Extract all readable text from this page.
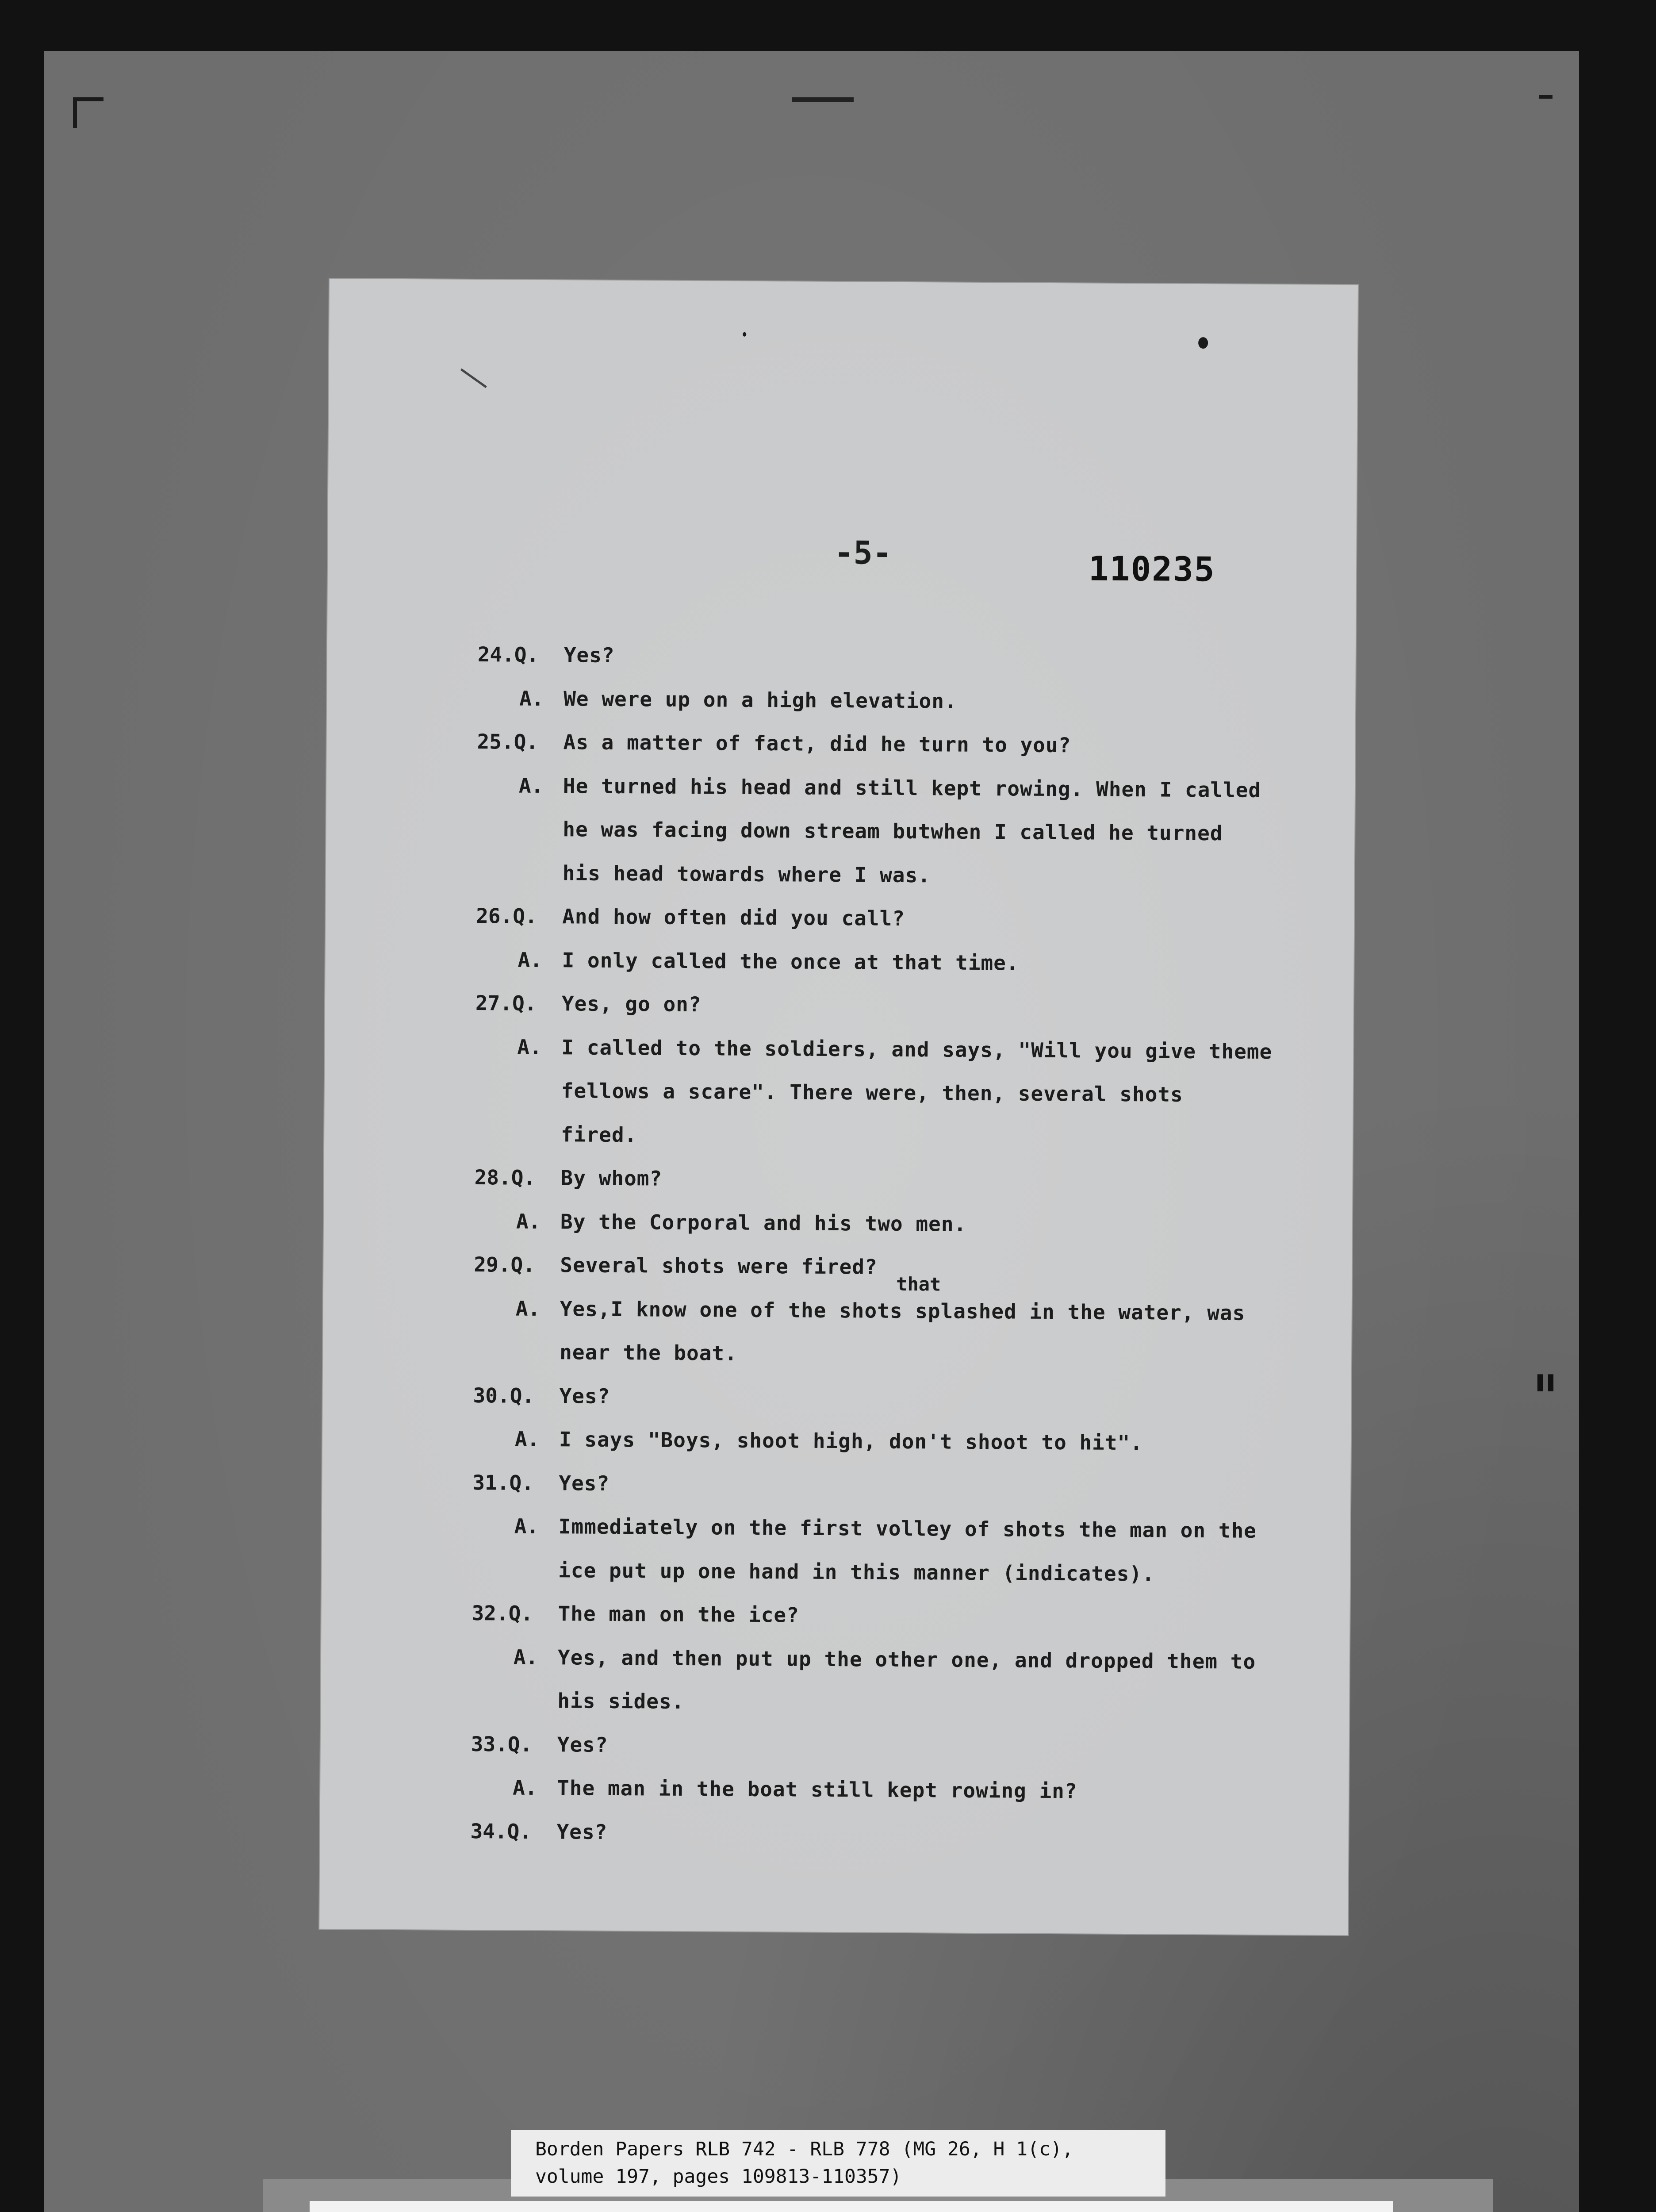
ıı
-5-	110235
24.Q. Yes?
A. We were up on a high elevation.
25.Q. As a matter of fact, did he turn to you?
A. He turned his head and still kept rowing. When I called
he was facing down stream butwhen I called he turned
his head towards where I was.
26.Q. And how often did you call?
A. I only called the once at that time.
27.Q. Yes, go on?
A. I called to the soldiers, and says, "Will you give theme
fellows a scare". There were, then, several shots
fired.
28.Q. By whom?
A. By the Corporal and his two men.
29.Q. Several shots were fired?
A. Yes,I know one of the shots splashed in the water, was
near the boat.
30.Q. Yes?
A. I says "Boys, shoot high, don't shoot to hit".
31.Q. Yes?
A. Immediately on the first volley of shots the man on the
ice put up one hand in this manner (indicates).
32.Q. The man on the ice?
A. Yes, and then put up the other one, and dropped them to
his sides.
33.Q. Yes?
A. The man in the boat still kept rowing in?
34.Q. Yes?
that
Borden Papers RLB 742 - RLB 778 (MG 26, H 1(c),
volume 197, pages 109813-110357)
